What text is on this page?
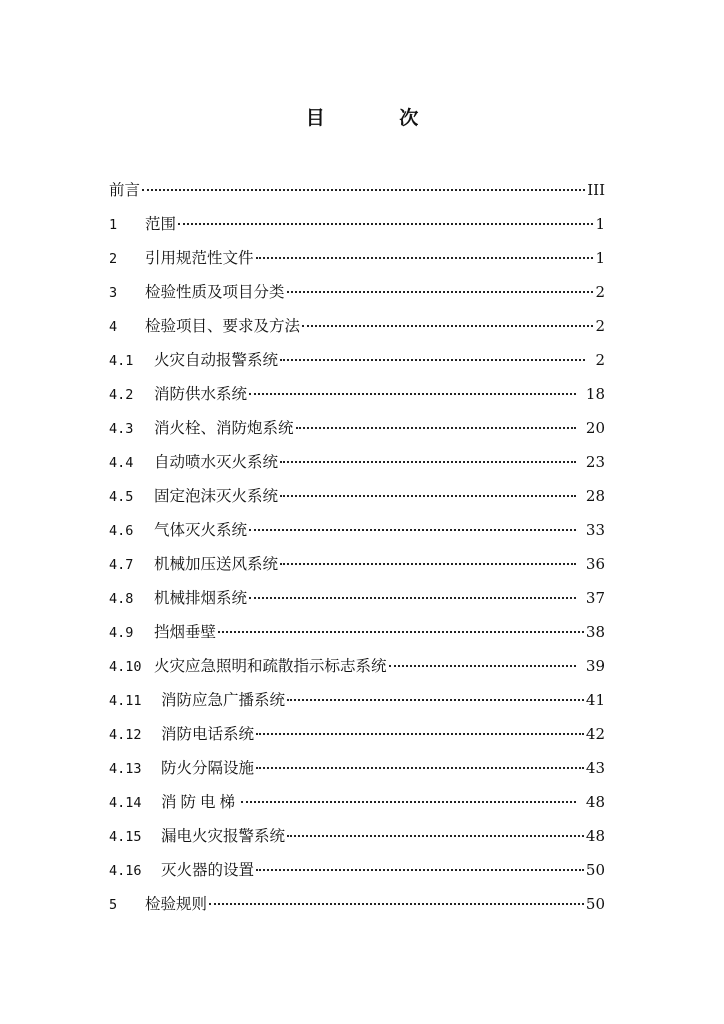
目 次
前言	III
1	范围	1
2	引用规范性文件	1
3	检验性质及项目分类	2
4	检验项目、要求及方法	2
4.1	火灾自动报警系统	2
4.2	消防供水系统	18
4.3	消火栓、消防炮系统	20
4.4	自动喷水灭火系统	23
4.5	固定泡沫灭火系统	28
4.6	气体灭火系统	33
4.7	机械加压送风系统	36
4.8	机械排烟系统	37
4.9	挡烟垂壁	38
4.10 火灾应急照明和疏散指示标志系统	39
4.11	消防应急广播系统	41
4.12	消防电话系统	42
4.13	防火分隔设施	43
4.14	消防电梯	48
4.15	漏电火灾报警系统	48
4.16	灭火器的设置	50
5	检验规则	50
